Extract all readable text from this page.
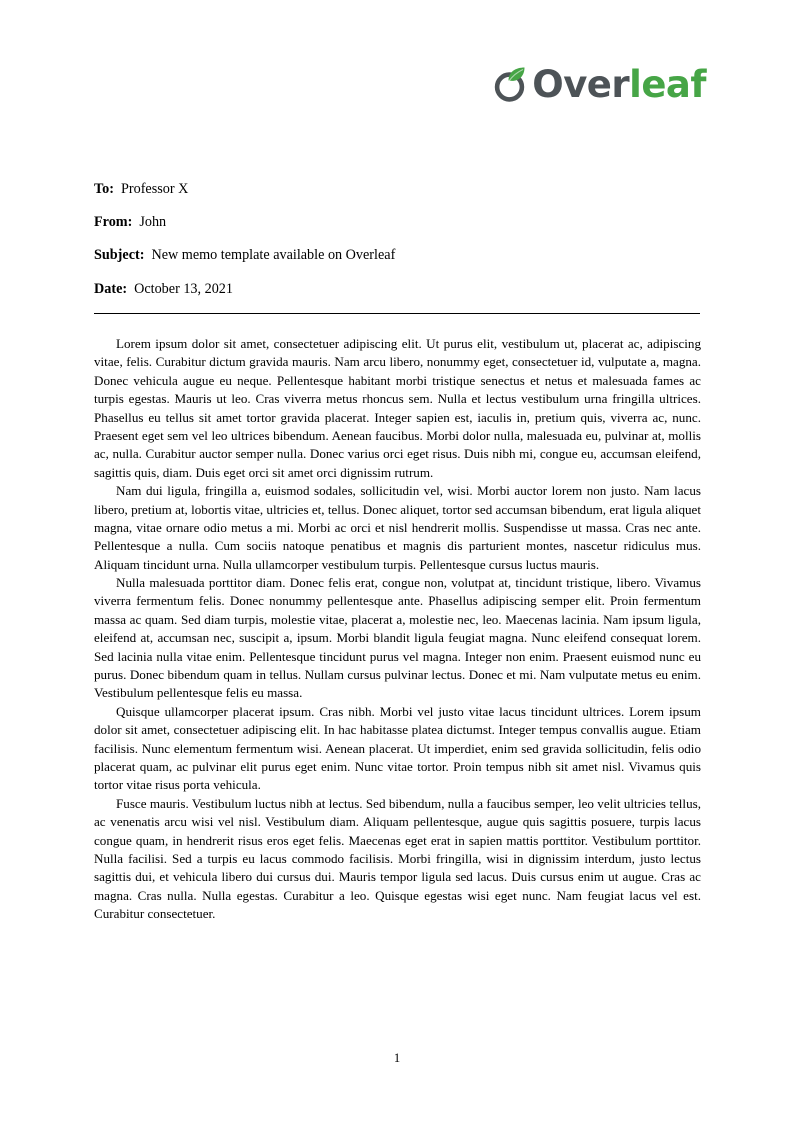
Over leaf
To: Professor X
From: John
Subject: New memo template available on Overleaf
Date: October 13, 2021

Lorem ipsum dolor sit amet, consectetuer adipiscing elit. Ut purus elit, vestibulum ut, placerat ac, adipiscing vitae, felis. Curabitur dictum gravida mauris. Nam arcu libero, nonummy eget, consectetuer id, vulputate a, magna. Donec vehicula augue eu neque. Pellentesque habitant morbi tristique senectus et netus et malesuada fames ac turpis egestas. Mauris ut leo. Cras viverra metus rhoncus sem. Nulla et lectus vestibulum urna fringilla ultrices. Phasellus eu tellus sit amet tortor gravida placerat. Integer sapien est, iaculis in, pretium quis, viverra ac, nunc. Praesent eget sem vel leo ultrices bibendum. Aenean faucibus. Morbi dolor nulla, malesuada eu, pulvinar at, mollis ac, nulla. Curabitur auctor semper nulla. Donec varius orci eget risus. Duis nibh mi, congue eu, accumsan eleifend, sagittis quis, diam. Duis eget orci sit amet orci dignissim rutrum.

Nam dui ligula, fringilla a, euismod sodales, sollicitudin vel, wisi. Morbi auctor lorem non justo. Nam lacus libero, pretium at, lobortis vitae, ultricies et, tellus. Donec aliquet, tortor sed accumsan bibendum, erat ligula aliquet magna, vitae ornare odio metus a mi. Morbi ac orci et nisl hendrerit mollis. Suspendisse ut massa. Cras nec ante. Pellentesque a nulla. Cum sociis natoque penatibus et magnis dis parturient montes, nascetur ridiculus mus. Aliquam tincidunt urna. Nulla ullamcorper vestibulum turpis. Pellentesque cursus luctus mauris.

Nulla malesuada porttitor diam. Donec felis erat, congue non, volutpat at, tincidunt tristique, libero. Vivamus viverra fermentum felis. Donec nonummy pellentesque ante. Phasellus adipiscing semper elit. Proin fermentum massa ac quam. Sed diam turpis, molestie vitae, placerat a, molestie nec, leo. Maecenas lacinia. Nam ipsum ligula, eleifend at, accumsan nec, suscipit a, ipsum. Morbi blandit ligula feugiat magna. Nunc eleifend consequat lorem. Sed lacinia nulla vitae enim. Pellentesque tincidunt purus vel magna. Integer non enim. Praesent euismod nunc eu purus. Donec bibendum quam in tellus. Nullam cursus pulvinar lectus. Donec et mi. Nam vulputate metus eu enim. Vestibulum pellentesque felis eu massa.

Quisque ullamcorper placerat ipsum. Cras nibh. Morbi vel justo vitae lacus tincidunt ultrices. Lorem ipsum dolor sit amet, consectetuer adipiscing elit. In hac habitasse platea dictumst. Integer tempus convallis augue. Etiam facilisis. Nunc elementum fermentum wisi. Aenean placerat. Ut imperdiet, enim sed gravida sollicitudin, felis odio placerat quam, ac pulvinar elit purus eget enim. Nunc vitae tortor. Proin tempus nibh sit amet nisl. Vivamus quis tortor vitae risus porta vehicula.

Fusce mauris. Vestibulum luctus nibh at lectus. Sed bibendum, nulla a faucibus semper, leo velit ultricies tellus, ac venenatis arcu wisi vel nisl. Vestibulum diam. Aliquam pellentesque, augue quis sagittis posuere, turpis lacus congue quam, in hendrerit risus eros eget felis. Maecenas eget erat in sapien mattis porttitor. Vestibulum porttitor. Nulla facilisi. Sed a turpis eu lacus commodo facilisis. Morbi fringilla, wisi in dignissim interdum, justo lectus sagittis dui, et vehicula libero dui cursus dui. Mauris tempor ligula sed lacus. Duis cursus enim ut augue. Cras ac magna. Cras nulla. Nulla egestas. Curabitur a leo. Quisque egestas wisi eget nunc. Nam feugiat lacus vel est. Curabitur consectetuer.

1
